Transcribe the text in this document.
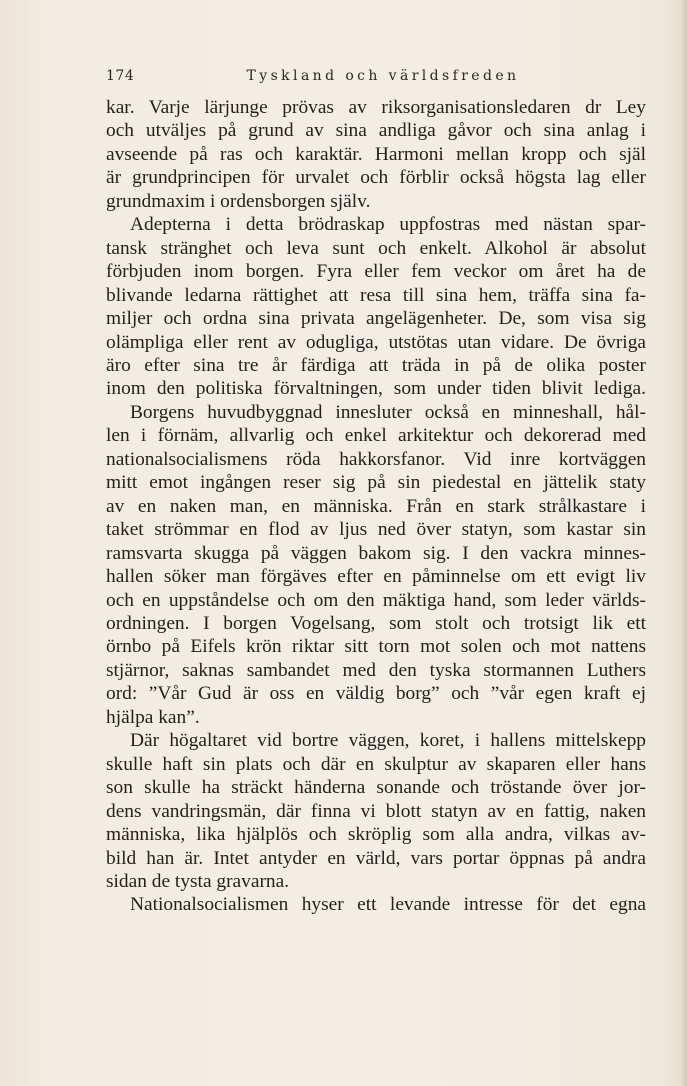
174	Tyskland och världsfreden
kar. Varje lärjunge prövas av riksorganisationsledaren dr Ley
och utväljes på grund av sina andliga gåvor och sina anlag i
avseende på ras och karaktär. Harmoni mellan kropp och själ
är grundprincipen för urvalet och förblir också högsta lag eller
grundmaxim i ordensborgen själv.
Adepterna i detta brödraskap uppfostras med nästan spar-
tansk stränghet och leva sunt och enkelt. Alkohol är absolut
förbjuden inom borgen. Fyra eller fem veckor om året ha de
blivande ledarna rättighet att resa till sina hem, träffa sina fa-
miljer och ordna sina privata angelägenheter. De, som visa sig
olämpliga eller rent av odugliga, utstötas utan vidare. De övriga
äro efter sina tre år färdiga att träda in på de olika poster
inom den politiska förvaltningen, som under tiden blivit lediga.
Borgens huvudbyggnad innesluter också en minneshall, hål-
len i förnäm, allvarlig och enkel arkitektur och dekorerad med
nationalsocialismens röda hakkorsfanor. Vid inre kortväggen
mitt emot ingången reser sig på sin piedestal en jättelik staty
av en naken man, en människa. Från en stark strålkastare i
taket strömmar en flod av ljus ned över statyn, som kastar sin
ramsvarta skugga på väggen bakom sig. I den vackra minnes-
hallen söker man förgäves efter en påminnelse om ett evigt liv
och en uppståndelse och om den mäktiga hand, som leder världs-
ordningen. I borgen Vogelsang, som stolt och trotsigt lik ett
örnbo på Eifels krön riktar sitt torn mot solen och mot nattens
stjärnor, saknas sambandet med den tyska stormannen Luthers
ord: ”Vår Gud är oss en väldig borg” och ”vår egen kraft ej
hjälpa kan”.
Där högaltaret vid bortre väggen, koret, i hallens mittelskepp
skulle haft sin plats och där en skulptur av skaparen eller hans
son skulle ha sträckt händerna sonande och tröstande över jor-
dens vandringsmän, där finna vi blott statyn av en fattig, naken
människa, lika hjälplös och skröplig som alla andra, vilkas av-
bild han är. Intet antyder en värld, vars portar öppnas på andra
sidan de tysta gravarna.
Nationalsocialismen hyser ett levande intresse för det egna
